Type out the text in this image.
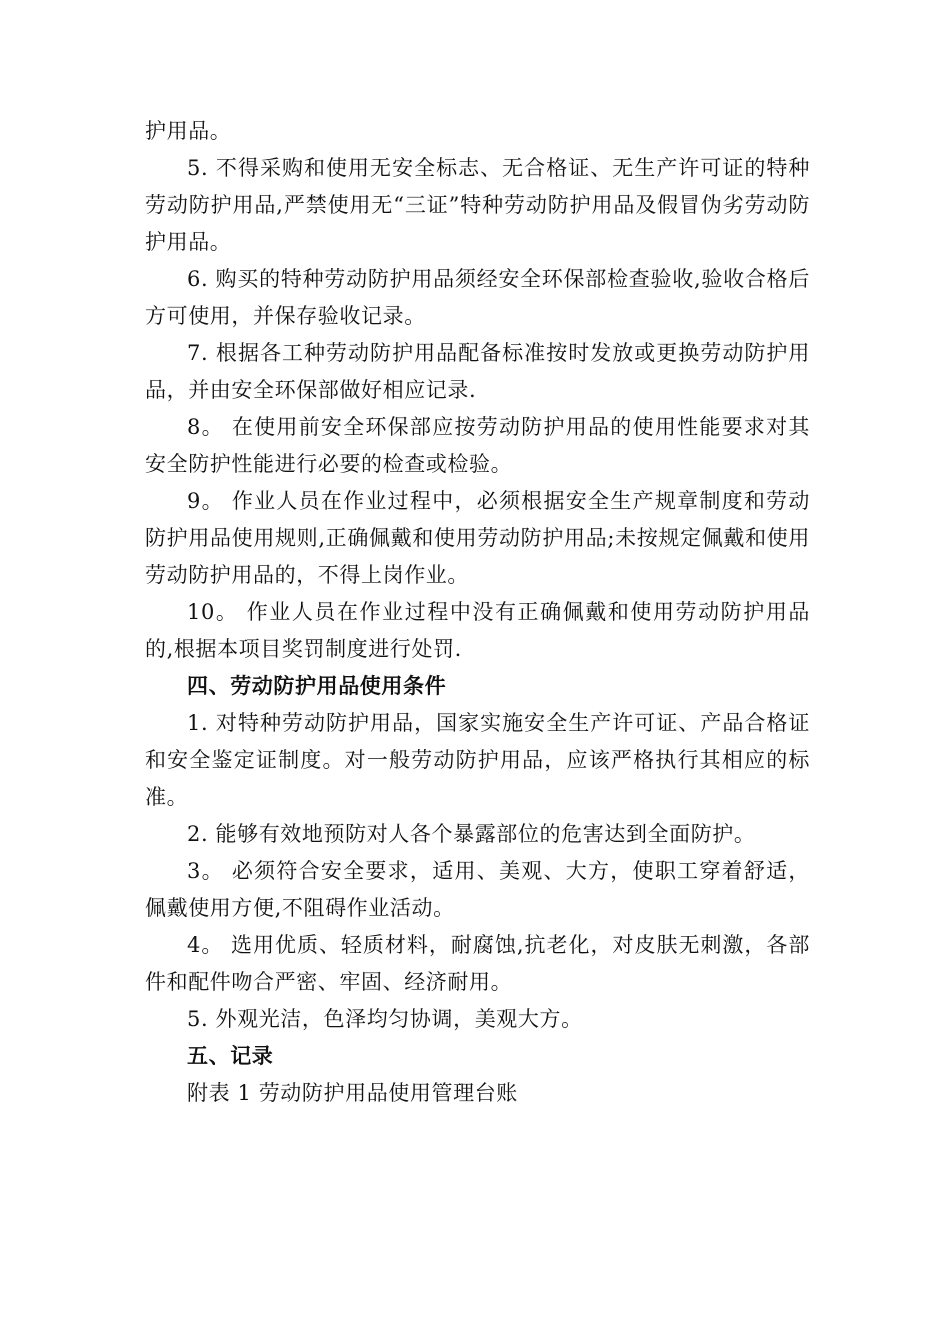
护用品。

5. 不得采购和使用无安全标志、无合格证、无生产许可证的特种劳动防护用品,严禁使用无“三证”特种劳动防护用品及假冒伪劣劳动防护用品。

6. 购买的特种劳动防护用品须经安全环保部检查验收,验收合格后方可使用，并保存验收记录。

7. 根据各工种劳动防护用品配备标准按时发放或更换劳动防护用品，并由安全环保部做好相应记录.

8。 在使用前安全环保部应按劳动防护用品的使用性能要求对其安全防护性能进行必要的检查或检验。

9。 作业人员在作业过程中，必须根据安全生产规章制度和劳动防护用品使用规则,正确佩戴和使用劳动防护用品;未按规定佩戴和使用劳动防护用品的，不得上岗作业。

10。 作业人员在作业过程中没有正确佩戴和使用劳动防护用品的,根据本项目奖罚制度进行处罚.

四、劳动防护用品使用条件

1. 对特种劳动防护用品，国家实施安全生产许可证、产品合格证和安全鉴定证制度。对一般劳动防护用品，应该严格执行其相应的标准。

2. 能够有效地预防对人各个暴露部位的危害达到全面防护。

3。 必须符合安全要求，适用、美观、大方，使职工穿着舒适，佩戴使用方便,不阻碍作业活动。

4。 选用优质、轻质材料，耐腐蚀,抗老化，对皮肤无刺激，各部件和配件吻合严密、牢固、经济耐用。

5. 外观光洁，色泽均匀协调，美观大方。

五、记录

附表 1 劳动防护用品使用管理台账
